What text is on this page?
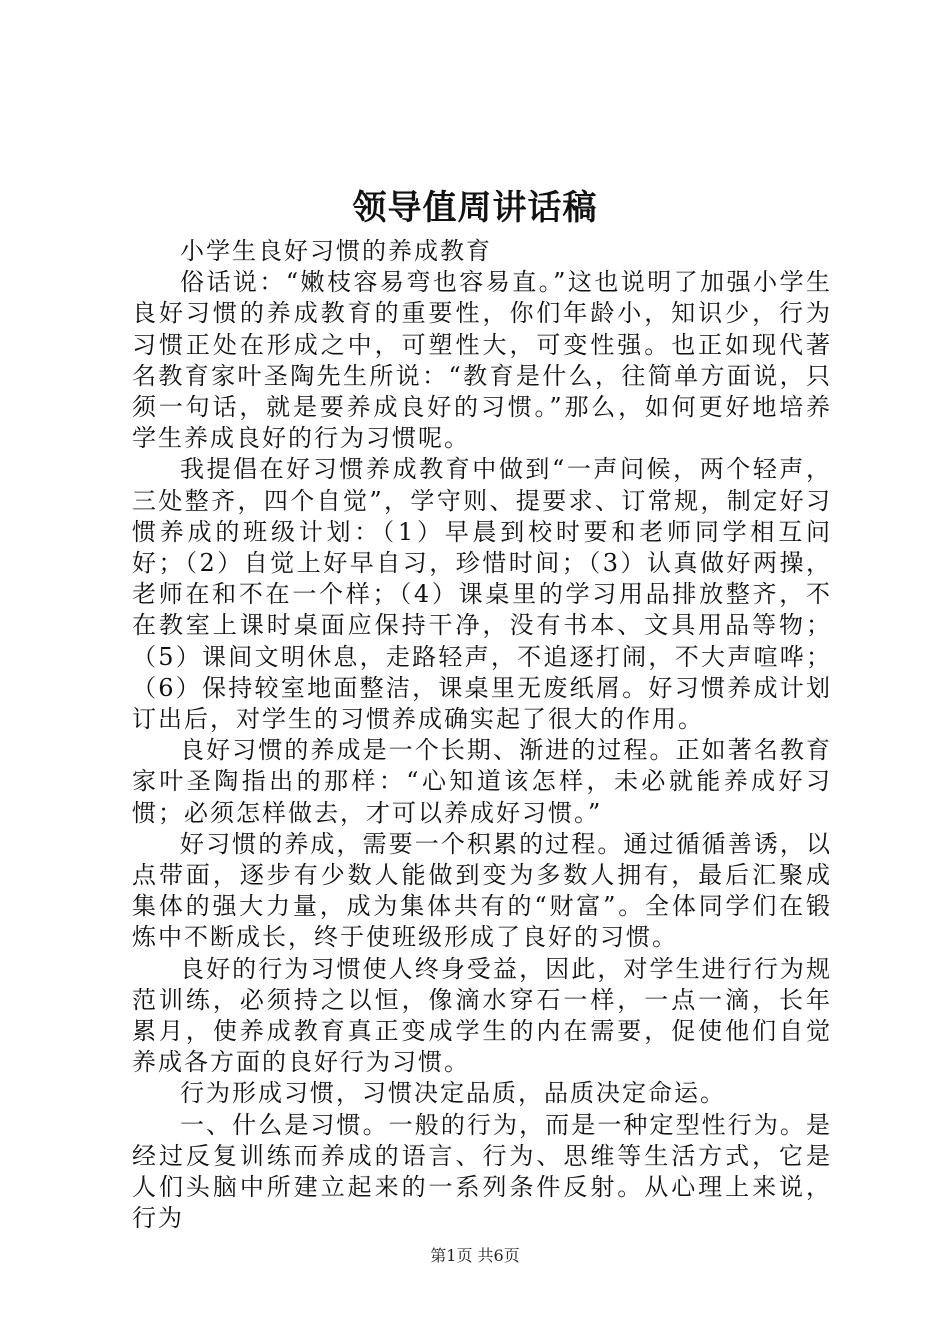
领导值周讲话稿

小学生良好习惯的养成教育

俗话说：“嫩枝容易弯也容易直。”这也说明了加强小学生良好习惯的养成教育的重要性，你们年龄小，知识少，行为习惯正处在形成之中，可塑性大，可变性强。也正如现代著名教育家叶圣陶先生所说：“教育是什么，往简单方面说，只须一句话，就是要养成良好的习惯。”那么，如何更好地培养学生养成良好的行为习惯呢。

我提倡在好习惯养成教育中做到“一声问候，两个轻声，三处整齐，四个自觉”，学守则、提要求、订常规，制定好习惯养成的班级计划：（1）早晨到校时要和老师同学相互问好；（2）自觉上好早自习，珍惜时间；（3）认真做好两操，老师在和不在一个样；（4）课桌里的学习用品排放整齐，不在教室上课时桌面应保持干净，没有书本、文具用品等物；（5）课间文明休息，走路轻声，不追逐打闹，不大声喧哗；（6）保持较室地面整洁，课桌里无废纸屑。好习惯养成计划订出后，对学生的习惯养成确实起了很大的作用。

良好习惯的养成是一个长期、渐进的过程。正如著名教育家叶圣陶指出的那样：“心知道该怎样，未必就能养成好习惯；必须怎样做去，才可以养成好习惯。”

好习惯的养成，需要一个积累的过程。通过循循善诱，以点带面，逐步有少数人能做到变为多数人拥有，最后汇聚成集体的强大力量，成为集体共有的“财富”。全体同学们在锻炼中不断成长，终于使班级形成了良好的习惯。

良好的行为习惯使人终身受益，因此，对学生进行行为规范训练，必须持之以恒，像滴水穿石一样，一点一滴，长年累月，使养成教育真正变成学生的内在需要，促使他们自觉养成各方面的良好行为习惯。

行为形成习惯，习惯决定品质，品质决定命运。

一、什么是习惯。一般的行为，而是一种定型性行为。是经过反复训练而养成的语言、行为、思维等生活方式，它是人们头脑中所建立起来的一系列条件反射。从心理上来说，行为

第1页 共6页
